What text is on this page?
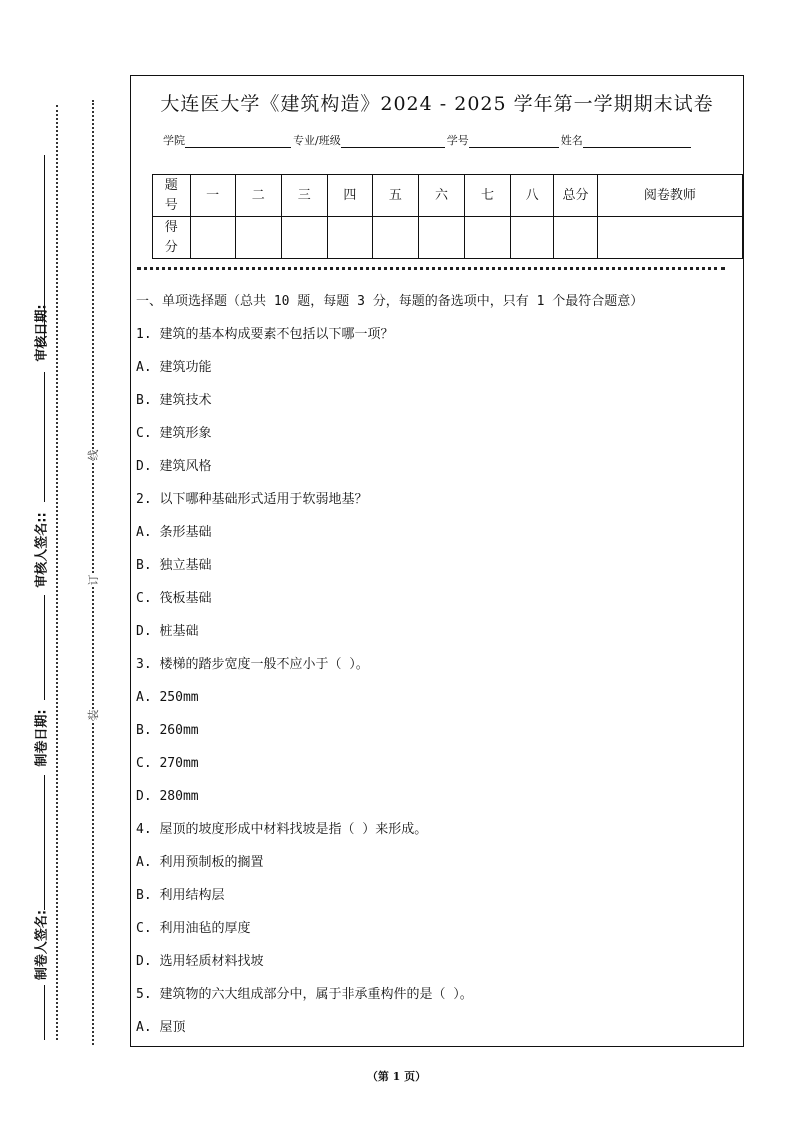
审核日期:
审核人签名::
制卷日期:
制卷人签名:
线
订
装
大连医大学《建筑构造》2024 - 2025 学年第一学期期末试卷
学院	专业/班级	学号	姓名
题号	一	二	三	四	五	六	七	八	总分	阅卷教师
得分										
一、单项选择题（总共 10 题，每题 3 分，每题的备选项中，只有 1 个最符合题意）
1. 建筑的基本构成要素不包括以下哪一项？
A. 建筑功能
B. 建筑技术
C. 建筑形象
D. 建筑风格
2. 以下哪种基础形式适用于软弱地基？
A. 条形基础
B. 独立基础
C. 筏板基础
D. 桩基础
3. 楼梯的踏步宽度一般不应小于（ ）。
A. 250mm
B. 260mm
C. 270mm
D. 280mm
4. 屋顶的坡度形成中材料找坡是指（ ）来形成。
A. 利用预制板的搁置
B. 利用结构层
C. 利用油毡的厚度
D. 选用轻质材料找坡
5. 建筑物的六大组成部分中，属于非承重构件的是（ ）。
A. 屋顶
（第 1 页）
